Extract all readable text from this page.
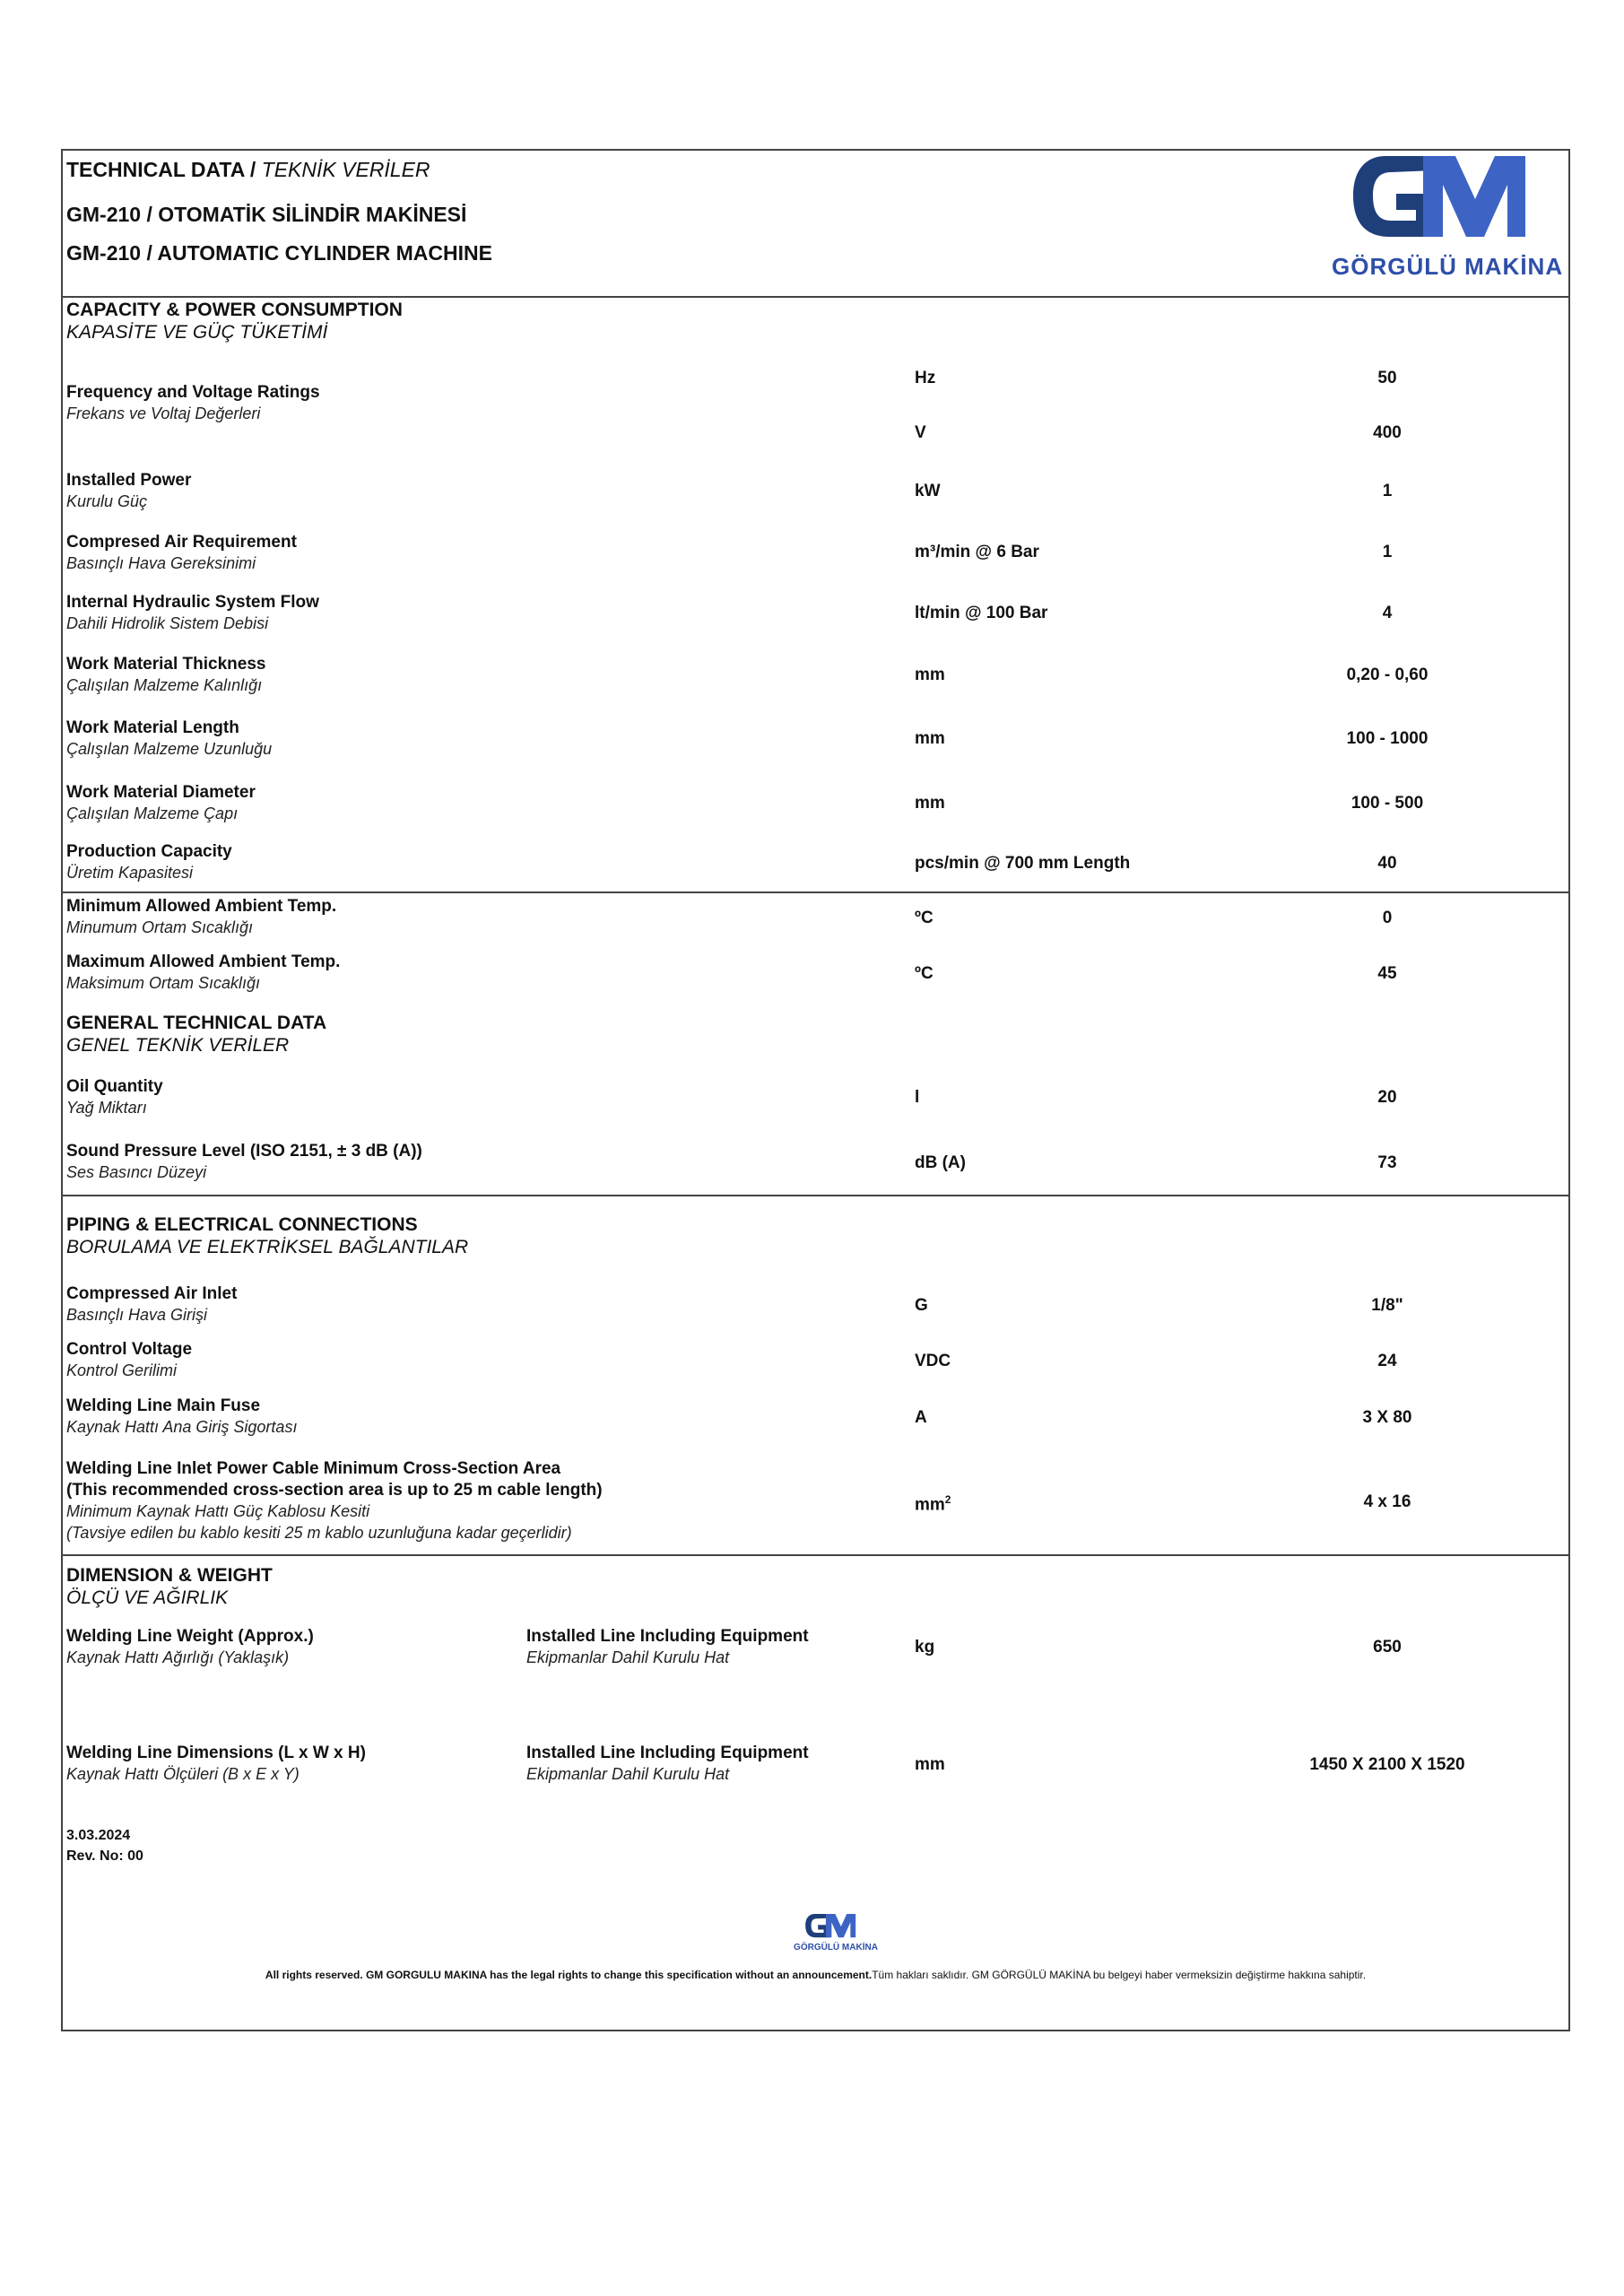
TECHNICAL DATA / TEKNİK VERİLER
GM-210 / OTOMATİK SİLİNDİR MAKİNESİ
GM-210 / AUTOMATIC CYLINDER MACHINE	GÖRGÜLÜ MAKİNA
CAPACITY & POWER CONSUMPTION
KAPASİTE VE GÜÇ TÜKETİMİ
Frequency and Voltage Ratings
Frekans ve Voltaj Değerleri
Hz	50
V	400
Installed Power
Kurulu Güç
kW	1
Compresed Air Requirement
Basınçlı Hava Gereksinimi
m³/min @ 6 Bar	1
Internal Hydraulic System Flow
Dahili Hidrolik Sistem Debisi
lt/min @ 100 Bar	4
Work Material Thickness
Çalışılan Malzeme Kalınlığı
mm	0,20 - 0,60
Work Material Length
Çalışılan Malzeme Uzunluğu
mm	100 - 1000
Work Material Diameter
Çalışılan Malzeme Çapı
mm	100 - 500
Production Capacity
Üretim Kapasitesi	pcs/min @ 700 mm Length	40
Minimum Allowed Ambient Temp.
Minumum Ortam Sıcaklığı	ºC	0
Maximum Allowed Ambient Temp.
Maksimum Ortam Sıcaklığı	ºC	45
GENERAL TECHNICAL DATA
GENEL TEKNİK VERİLER
Oil Quantity
Yağ Miktarı
l	20
Sound Pressure Level (ISO 2151, ± 3 dB (A))
Ses Basıncı Düzeyi	dB (A)	73
PIPING & ELECTRICAL CONNECTIONS
BORULAMA VE ELEKTRİKSEL BAĞLANTILAR
Compressed Air Inlet
Basınçlı Hava Girişi	G	1/8"
Control Voltage
Kontrol Gerilimi	VDC	24
Welding Line Main Fuse
Kaynak Hattı Ana Giriş Sigortası	A	3 X 80
Welding Line Inlet Power Cable Minimum Cross-Section Area
(This recommended cross-section area is up to 25 m cable length)
Minimum Kaynak Hattı Güç Kablosu Kesiti
(Tavsiye edilen bu kablo kesiti 25 m kablo uzunluğuna kadar geçerlidir)
$mm^2$	4 x 16
DIMENSION & WEIGHT
ÖLÇÜ VE AĞIRLIK
Welding Line Weight (Approx.)
Kaynak Hattı Ağırlığı (Yaklaşık)
Installed Line Including Equipment
Ekipmanlar Dahil Kurulu Hat
kg	650
Welding Line Dimensions (L x W x H)
Kaynak Hattı Ölçüleri (B x E x Y)
Installed Line Including Equipment
Ekipmanlar Dahil Kurulu Hat	mm	1450 X 2100 X 1520
3.03.2024
Rev. No: 00
GÖRGÜLÜ MAKİNA
All rights reserved. GM GORGULU MAKINA has the legal rights to change this specification without an announcement.Tüm hakları saklıdır. GM GÖRGÜLÜ MAKİNA bu belgeyi haber vermeksizin değiştirme hakkına sahiptir.
